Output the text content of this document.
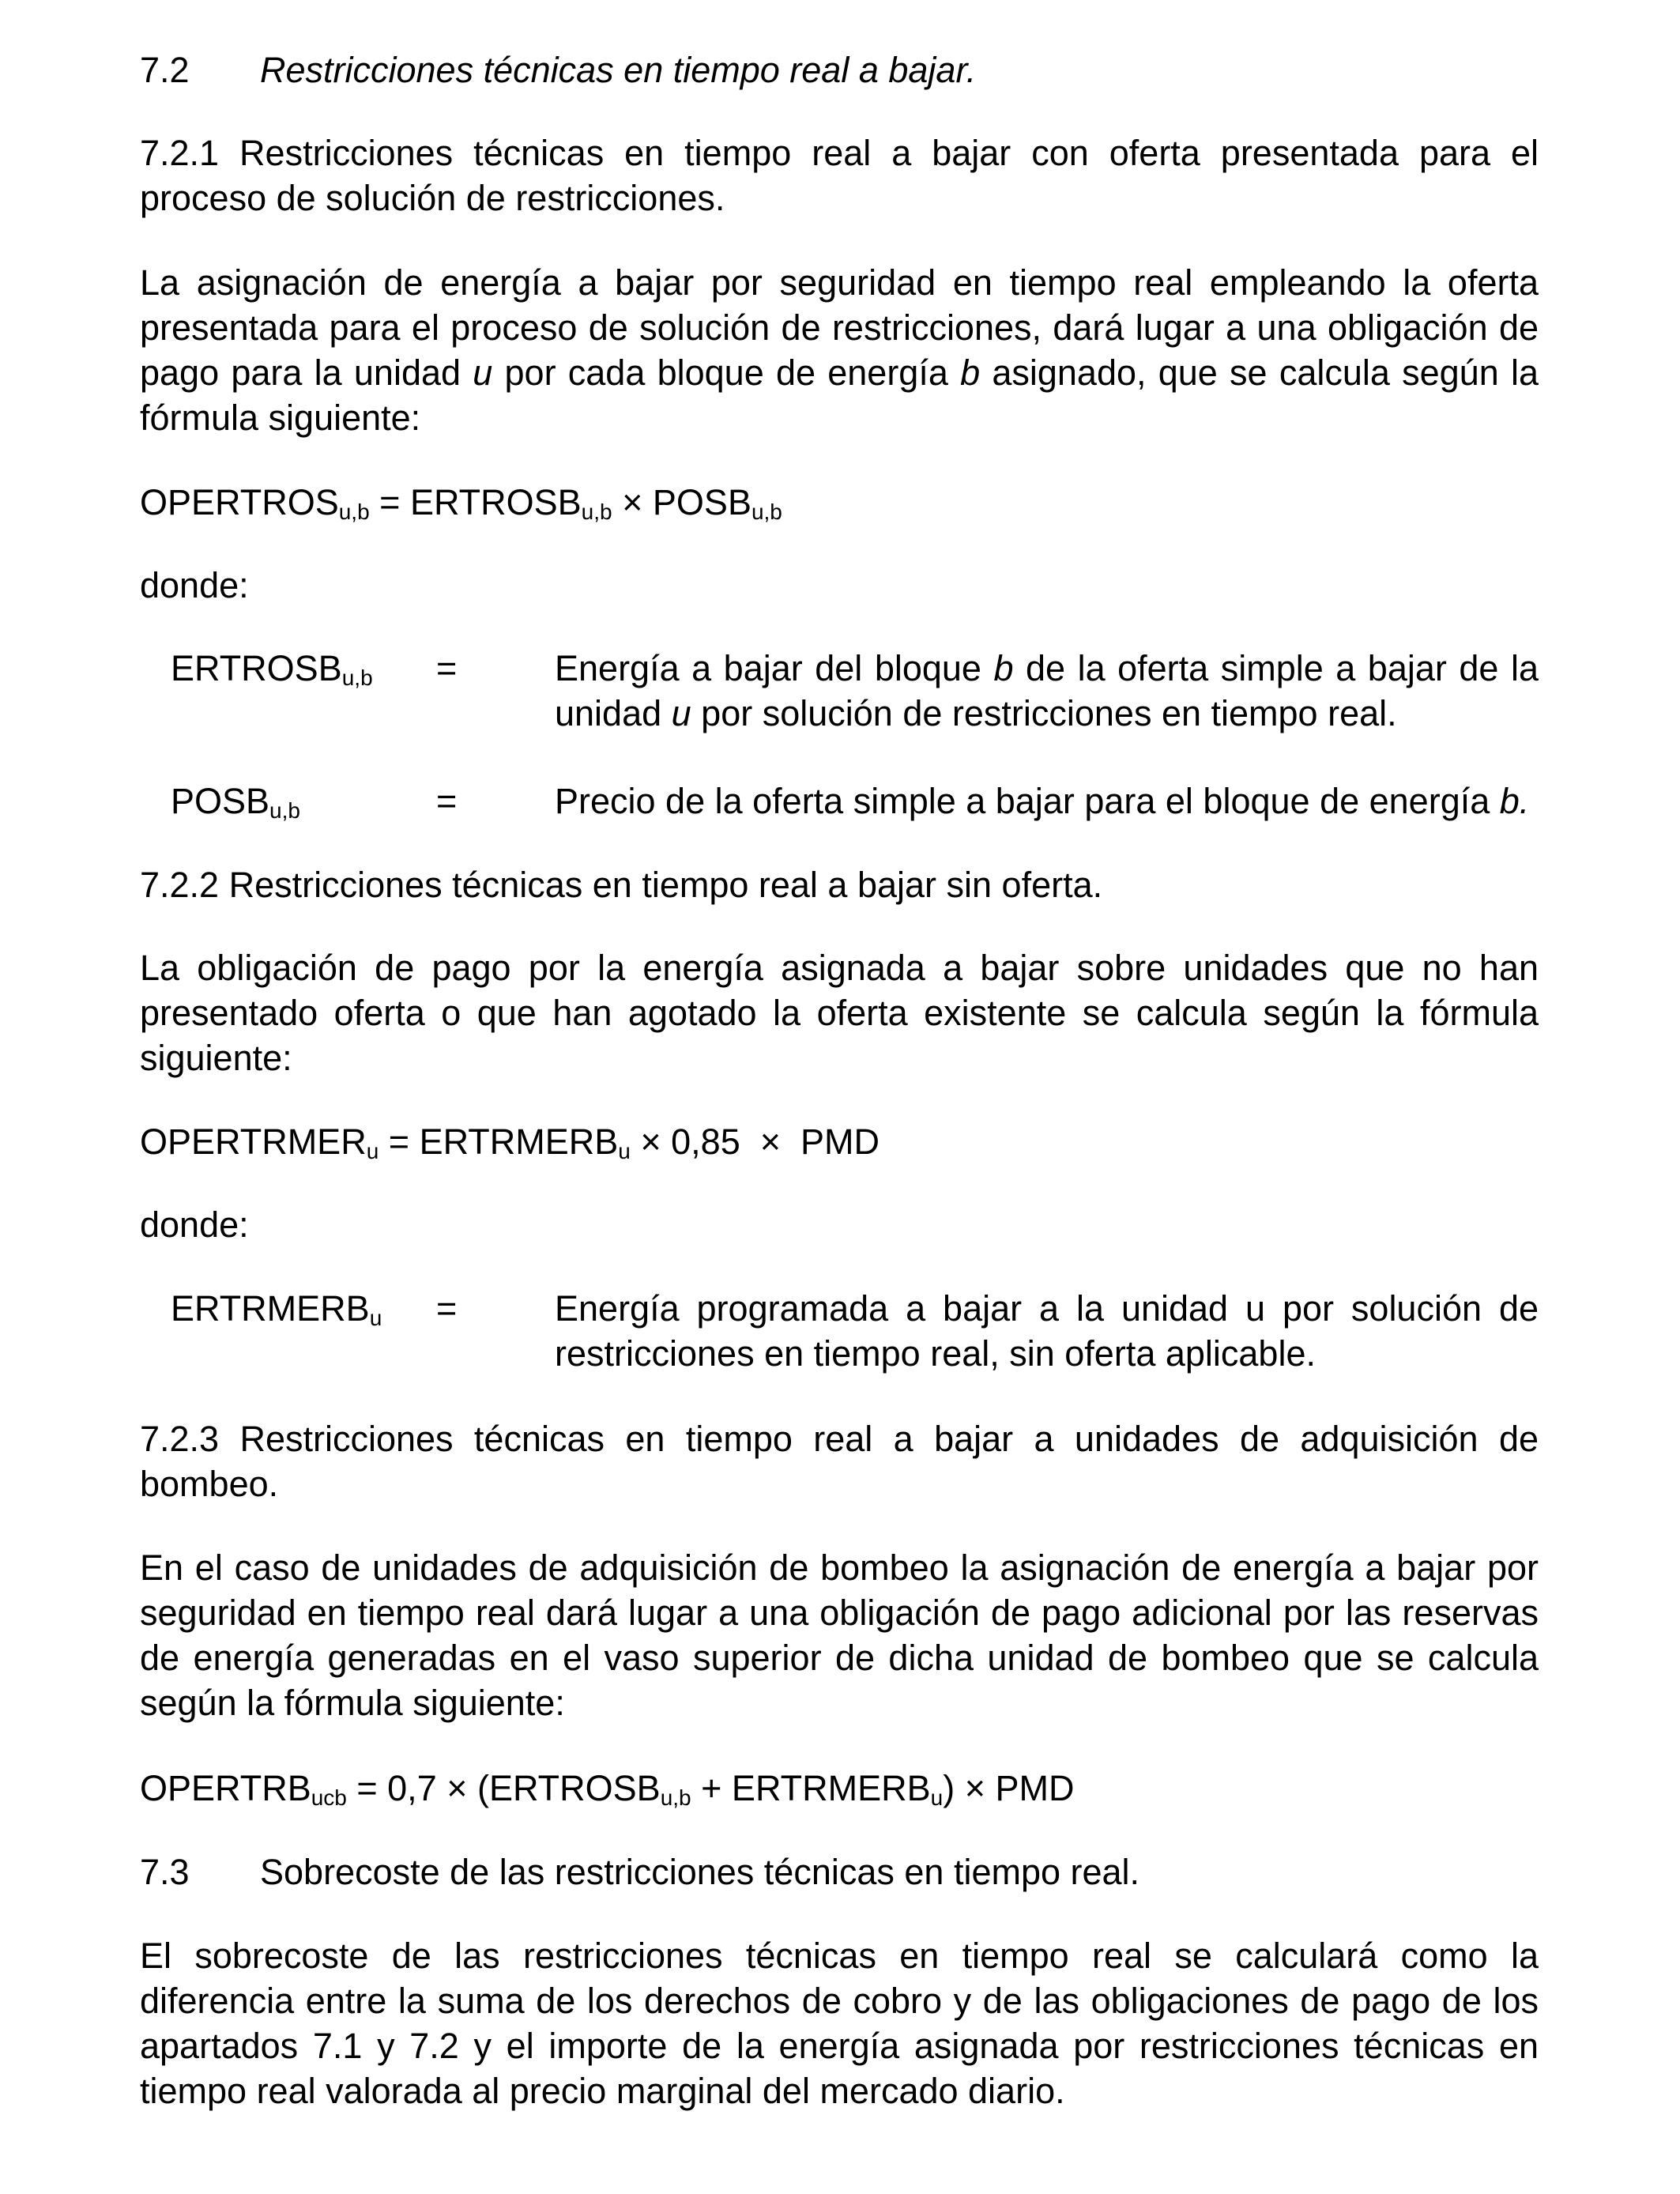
7.2 Restricciones técnicas en tiempo real a bajar.

7.2.1 Restricciones técnicas en tiempo real a bajar con oferta presentada para el proceso de solución de restricciones.

La asignación de energía a bajar por seguridad en tiempo real empleando la oferta presentada para el proceso de solución de restricciones, dará lugar a una obligación de pago para la unidad u por cada bloque de energía b asignado, que se calcula según la fórmula siguiente:

$OPERTROS_{u,b}$ = $ERTROSB_{u,b}$ × $POSB_{u,b}$

donde:

$ERTROSB_{u,b}$ =	Energía a bajar del bloque b de la oferta simple a bajar de la unidad u por solución de restricciones en tiempo real.

$POSB_{u,b}$	=	Precio de la oferta simple a bajar para el bloque de energía b.

7.2.2 Restricciones técnicas en tiempo real a bajar sin oferta.

La obligación de pago por la energía asignada a bajar sobre unidades que no han presentado oferta o que han agotado la oferta existente se calcula según la fórmula siguiente:

$OPERTRMER_u$ = $ERTRMERB_u \times 0,85$  ×  PMD

donde:

$ERTRMERB_u$ =	Energía programada a bajar a la unidad u por solución de restricciones en tiempo real, sin oferta aplicable.

7.2.3 Restricciones técnicas en tiempo real a bajar a unidades de adquisición de bombeo.

En el caso de unidades de adquisición de bombeo la asignación de energía a bajar por seguridad en tiempo real dará lugar a una obligación de pago adicional por las reservas de energía generadas en el vaso superior de dicha unidad de bombeo que se calcula según la fórmula siguiente:

$OPERTRB_{ucb} = 0,7$ × ($ERTROSB_{u,b}$ + $ERTRMERB_u$) × PMD

7.3 Sobrecoste de las restricciones técnicas en tiempo real.

El sobrecoste de las restricciones técnicas en tiempo real se calculará como la diferencia entre la suma de los derechos de cobro y de las obligaciones de pago de los apartados 7.1 y 7.2 y el importe de la energía asignada por restricciones técnicas en tiempo real valorada al precio marginal del mercado diario.
